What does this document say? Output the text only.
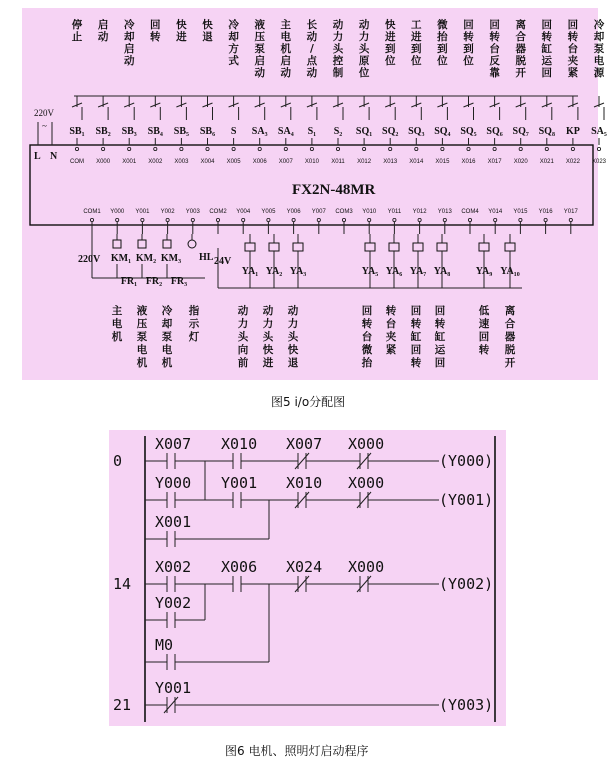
FX2N-48MR
220V
~
L N
停止
SB₁
COM
启动
SB₂
X000
冷却启动
SB₃
X001
回转
SB₄
X002
快进
SB₅
X003
快退
SB₆
X004
冷却方式
S
X005
液压泵启动
SA₃
X006
主电机启动
SA₄
X007
长动/点动
S₁
X010
动力头控制
S₂
X011
动力头原位
SQ₁
X012
快进到位
SQ₂
X013
工进到位
SQ₃
X014
微抬到位
SQ₄
X015
回转到位
SQ₅
X016
回转台反靠
SQ₆
X017
离合器脱开
SQ₇
X020
回转缸运回
SQ₈
X021
回转台夹紧
KP
X022
冷却泵电源
SA₅
X023
220V	24V
COM1 Y000 Y001 Y002 Y003 COM2 Y004 Y005 Y006 Y007 COM3 Y010 Y011 Y012 Y013 COM4 Y014 Y015 Y016 Y017
KM₁
FR₁
KM₂
FR₂
KM₃
FR₃
HL
YA₁ YA₂ YA₃	YA₅ YA₆ YA₇ YA₈	YA₉ YA₁₀
主电机
液压泵电机
冷却泵电机
指示灯
动力头向前
动力头快进
动力头快退
回转台微抬
转台夹紧
回转缸回转
回转缸运回
低速回转
离合器脱开
图5 i/o分配图
0
X007 X010 X007 X000
(Y000)
Y000 Y001 X010 X000
(Y001)
X001
14
X002 X006 X024 X000
(Y002)
Y002
M0
21
Y001
(Y003)
图6 电机、照明灯启动程序
